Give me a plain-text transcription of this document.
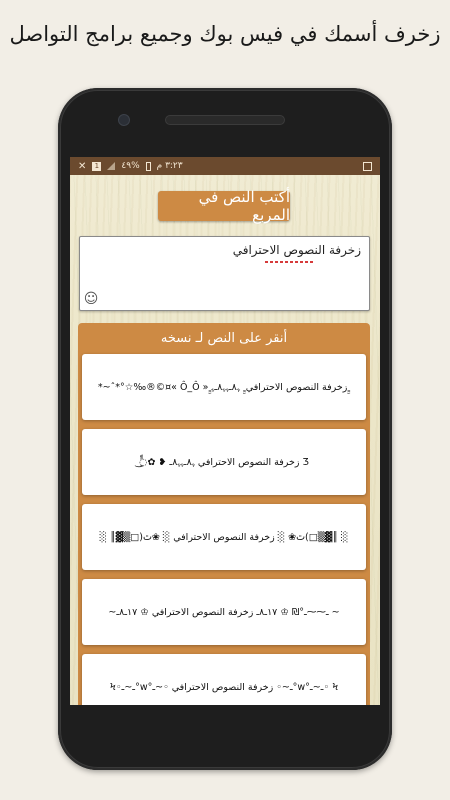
زخرف أسمك في فيس بوك وجميع برامج التواصل
٣:٢٣ م
%٤٩
1
✕
أكتب النص في المربع
زخرفة النصوص الاحترافي
☺
أنقر على النص لـ نسخه
*~ˆ*°☆‰®©¤« Ô_Ô » ٍِزخرفة النصوص الاحترافي ٍِ ﮩ٨ـﮩﮩ٨ـﮩ ٍِ
◌ٍِّ͜✿ ❥ زخرفة النصوص الاحترافي ﮩ٨ـﮩﮩ٨ـ Ʒ
░ ║▓▒□)ﭢ❀ ░ زخرفة النصوص الاحترافي ░ ❀ﭢ(□▒▓║ ░
~ـ⁓⁓ـ°₪ ♔ ١٧ـ٨ـ زخرفة النصوص الاحترافي ♔ ١٧ـ٨ـ ~
Ϟ◦ـ~ـ°w°ـ~◦ زخرفة النصوص الاحترافي ◦~ـ°w°ـ~ـ◦ Ϟ
